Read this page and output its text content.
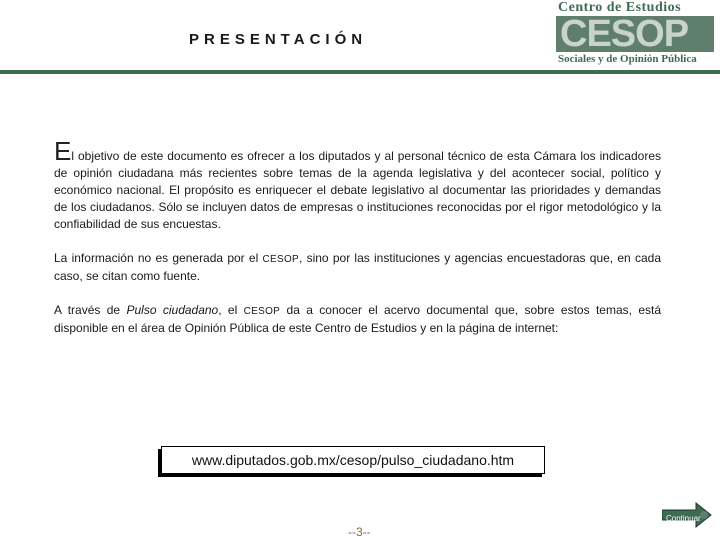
PRESENTACIÓN
Centro de Estudios
CESOP
Sociales y de Opinión Pública

El objetivo de este documento es ofrecer a los diputados y al personal técnico de esta Cámara los indicadores de opinión ciudadana más recientes sobre temas de la agenda legislativa y del acontecer social, político y económico nacional. El propósito es enriquecer el debate legislativo al documentar las prioridades y demandas de los ciudadanos. Sólo se incluyen datos de empresas o instituciones reconocidas por el rigor metodológico y la confiabilidad de sus encuestas.

La información no es generada por el CESOP, sino por las instituciones y agencias encuestadoras que, en cada caso, se citan como fuente.

A través de Pulso ciudadano, el CESOP da a conocer el acervo documental que, sobre estos temas, está disponible en el área de Opinión Pública de este Centro de Estudios y en la página de internet:

www.diputados.gob.mx/cesop/pulso_ciudadano.htm
Continuar
--3--
